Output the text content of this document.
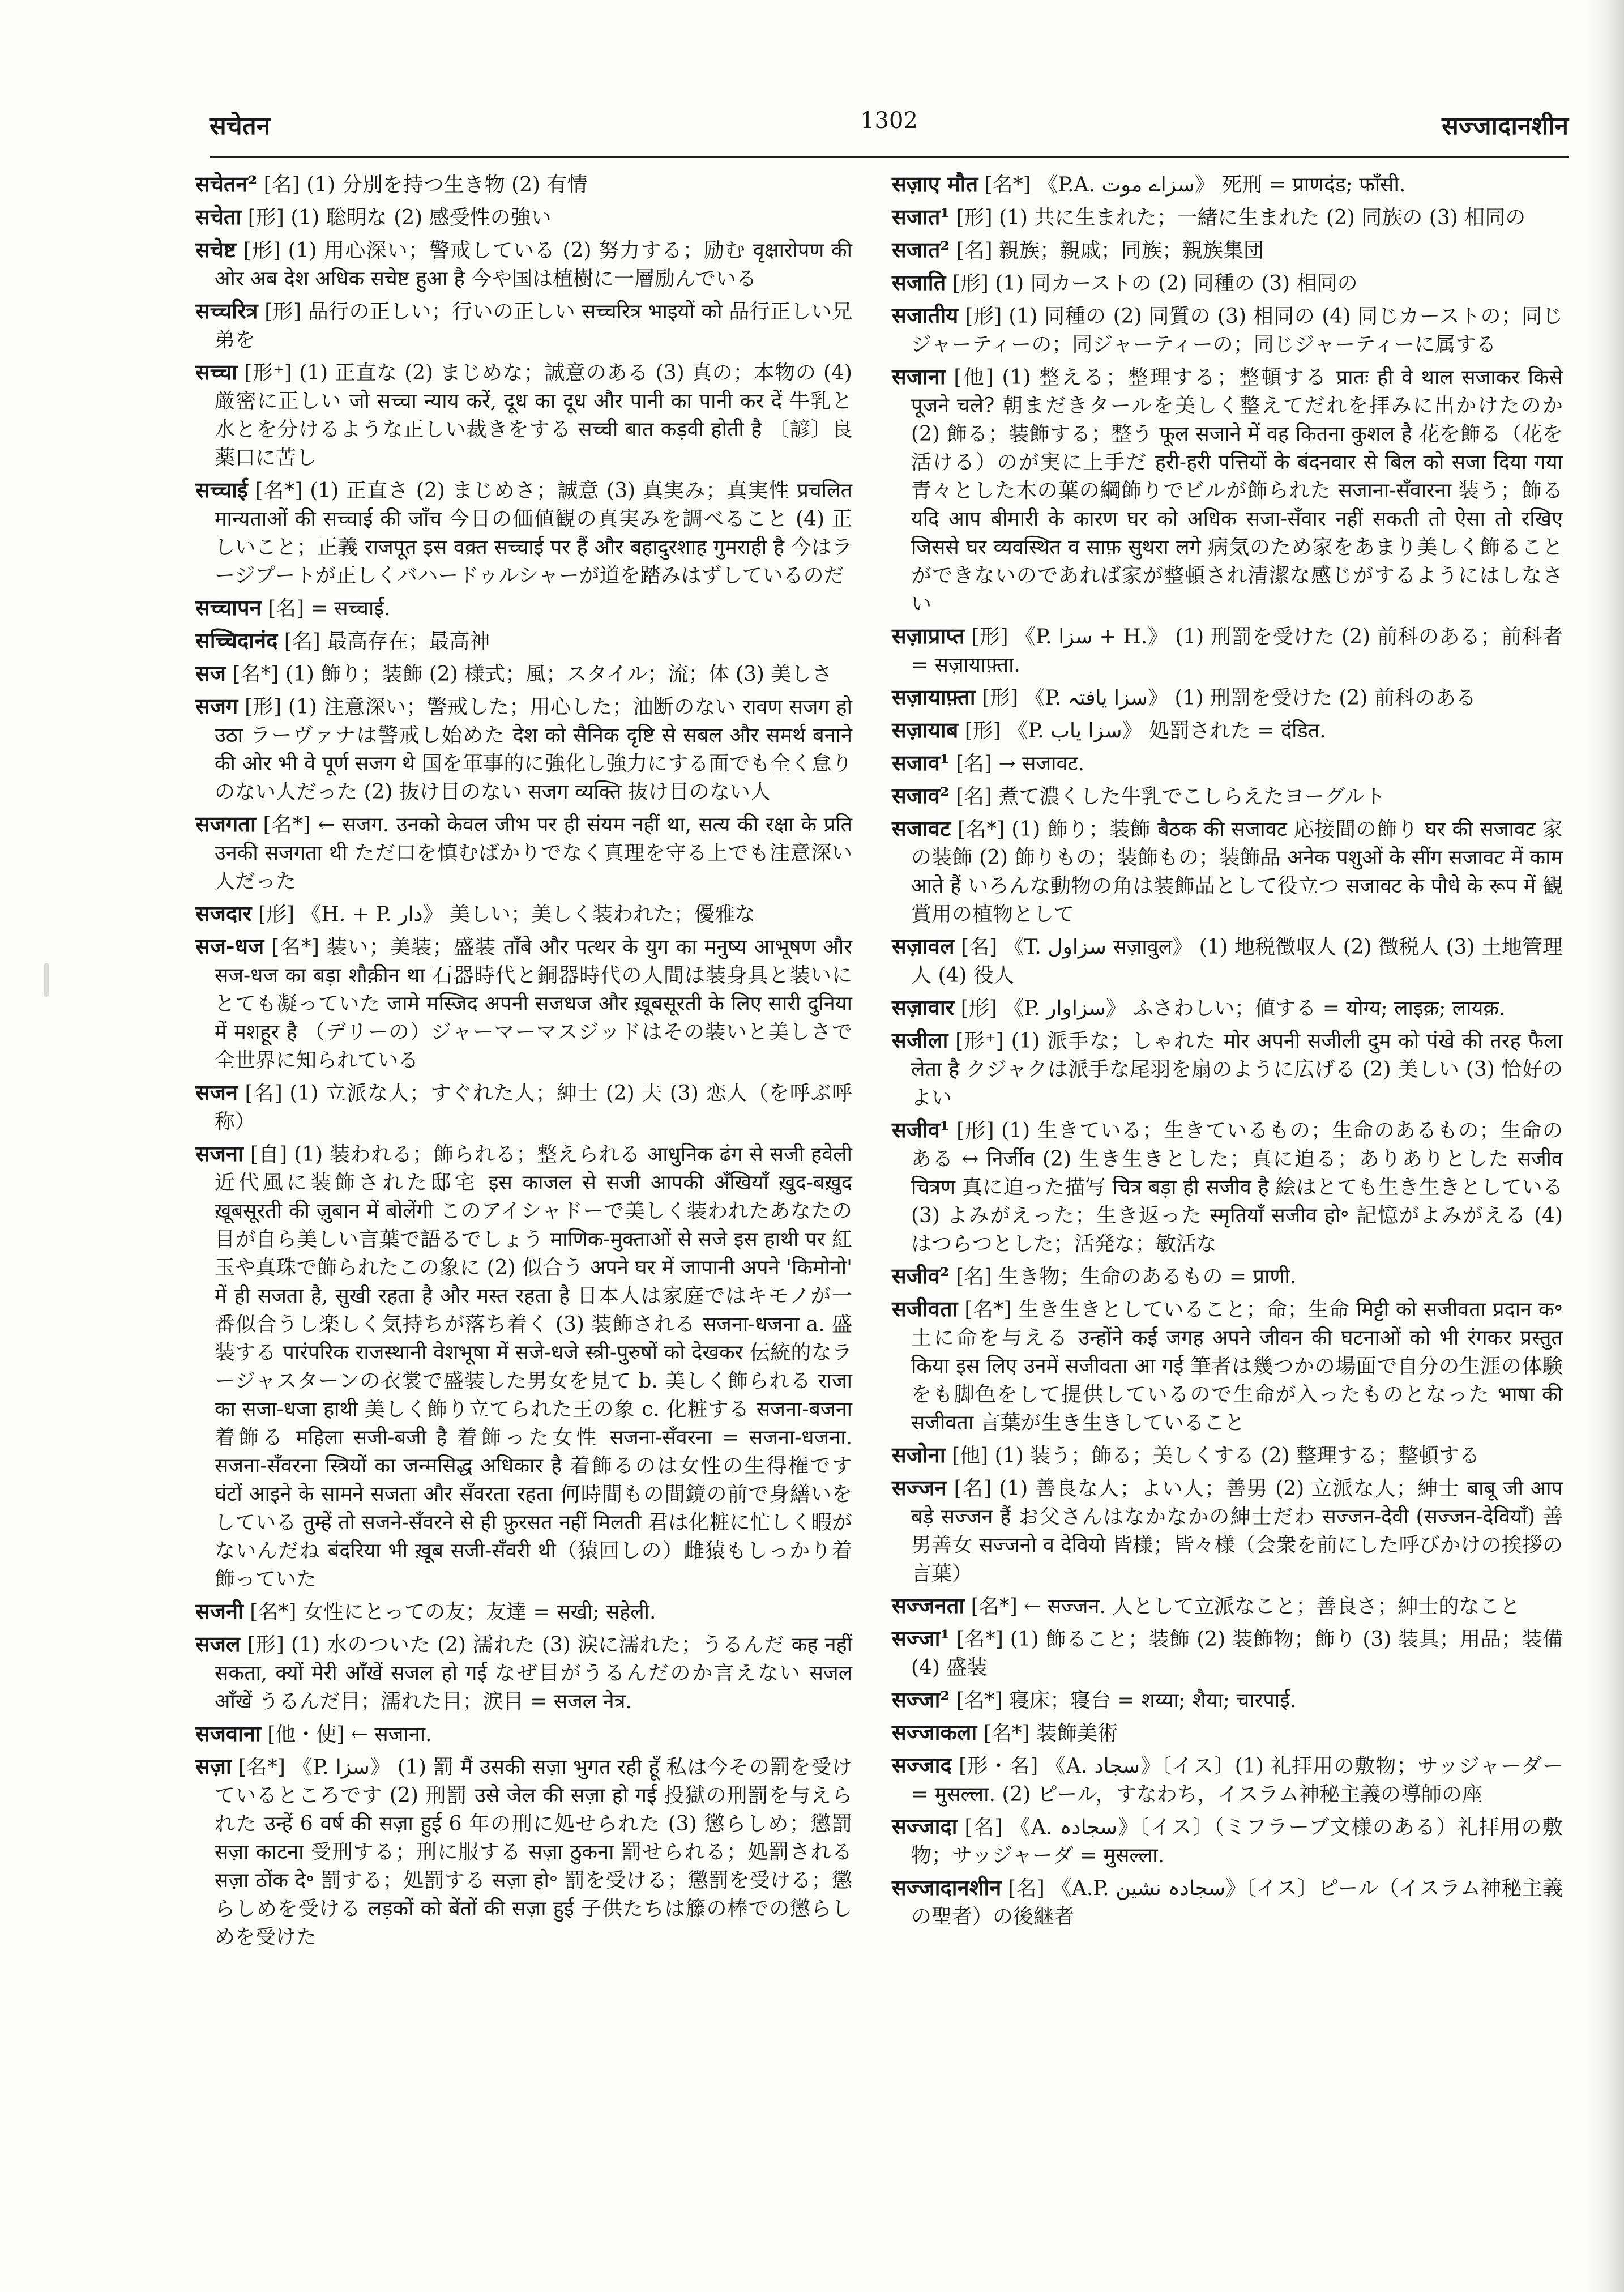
सचेतन	1302	सज्जादानशीन

सचेतन² [名] (1) 分別を持つ生き物 (2) 有情

सचेता [形] (1) 聡明な (2) 感受性の強い

सचेष्ट [形] (1) 用心深い；警戒している (2) 努力する；励む वृक्षारोपण की ओर अब देश अधिक सचेष्ट हुआ है 今や国は植樹に一層励んでいる

सच्चरित्र [形] 品行の正しい；行いの正しい सच्चरित्र भाइयों को 品行正しい兄弟を

सच्चा [形⁺] (1) 正直な (2) まじめな；誠意のある (3) 真の；本物の (4) 厳密に正しい जो सच्चा न्याय करें, दूध का दूध और पानी का पानी कर दें 牛乳と水とを分けるような正しい裁きをする सच्ची बात कड़वी होती है 〔諺〕良薬口に苦し

सच्चाई [名*] (1) 正直さ (2) まじめさ；誠意 (3) 真実み；真実性 प्रचलित मान्यताओं की सच्चाई की जाँच 今日の価値観の真実みを調べること (4) 正しいこと；正義 राजपूत इस वक़्त सच्चाई पर हैं और बहादुरशाह गुमराही है 今はラージプートが正しくバハードゥルシャーが道を踏みはずしているのだ

सच्चापन [名] = सच्चाई.

सच्चिदानंद [名] 最高存在；最高神

सज [名*] (1) 飾り；装飾 (2) 様式；風；スタイル；流；体 (3) 美しさ

सजग [形] (1) 注意深い；警戒した；用心した；油断のない रावण सजग हो उठा ラーヴァナは警戒し始めた देश को सैनिक दृष्टि से सबल और समर्थ बनाने की ओर भी वे पूर्ण सजग थे 国を軍事的に強化し強力にする面でも全く怠りのない人だった (2) 抜け目のない सजग व्यक्ति 抜け目のない人

सजगता [名*] ← सजग. उनको केवल जीभ पर ही संयम नहीं था, सत्य की रक्षा के प्रति उनकी सजगता थी ただ口を慎むばかりでなく真理を守る上でも注意深い人だった

सजदार [形] 《H. + P. دار》 美しい；美しく装われた；優雅な

सज-धज [名*] 装い；美装；盛装 ताँबे और पत्थर के युग का मनुष्य आभूषण और सज-धज का बड़ा शौक़ीन था 石器時代と銅器時代の人間は装身具と装いにとても凝っていた जामे मस्जिद अपनी सजधज और ख़ूबसूरती के लिए सारी दुनिया में मशहूर है （デリーの）ジャーマーマスジッドはその装いと美しさで全世界に知られている

सजन [名] (1) 立派な人；すぐれた人；紳士 (2) 夫 (3) 恋人（を呼ぶ呼称）

सजना [自] (1) 装われる；飾られる；整えられる आधुनिक ढंग से सजी हवेली 近代風に装飾された邸宅 इस काजल से सजी आपकी अँखियाँ ख़ुद-बख़ुद ख़ूबसूरती की ज़ुबान में बोलेंगी このアイシャドーで美しく装われたあなたの目が自ら美しい言葉で語るでしょう माणिक-मुक्ताओं से सजे इस हाथी पर 紅玉や真珠で飾られたこの象に (2) 似合う अपने घर में जापानी अपने 'किमोनो' में ही सजता है, सुखी रहता है और मस्त रहता है 日本人は家庭ではキモノが一番似合うし楽しく気持ちが落ち着く (3) 装飾される सजना-धजना a. 盛装する पारंपरिक राजस्थानी वेशभूषा में सजे-धजे स्त्री-पुरुषों को देखकर 伝統的なラージャスターンの衣裳で盛装した男女を見て b. 美しく飾られる राजा का सजा-धजा हाथी 美しく飾り立てられた王の象 c. 化粧する सजना-बजना 着飾る महिला सजी-बजी है 着飾った女性 सजना-सँवरना = सजना-धजना. सजना-सँवरना स्त्रियों का जन्मसिद्ध अधिकार है 着飾るのは女性の生得権です घंटों आइने के सामने सजता और सँवरता रहता 何時間もの間鏡の前で身繕いをしている तुम्हें तो सजने-सँवरने से ही फ़ुरसत नहीं मिलती 君は化粧に忙しく暇がないんだね बंदरिया भी ख़ूब सजी-सँवरी थी（猿回しの）雌猿もしっかり着飾っていた

सजनी [名*] 女性にとっての友；友達 = सखी; सहेली.

सजल [形] (1) 水のついた (2) 濡れた (3) 涙に濡れた；うるんだ कह नहीं सकता, क्यों मेरी आँखें सजल हो गई なぜ目がうるんだのか言えない सजल आँखें うるんだ目；濡れた目；涙目 = सजल नेत्र.

सजवाना [他・使] ← सजाना.

सज़ा [名*] 《P. سزا》 (1) 罰 मैं उसकी सज़ा भुगत रही हूँ 私は今その罰を受けているところです (2) 刑罰 उसे जेल की सज़ा हो गई 投獄の刑罰を与えられた उन्हें 6 वर्ष की सज़ा हुई 6 年の刑に処せられた (3) 懲らしめ；懲罰 सज़ा काटना 受刑する；刑に服する सज़ा ठुकना 罰せられる；処罰される सज़ा ठोंक दे॰ 罰する；処罰する सज़ा हो॰ 罰を受ける；懲罰を受ける；懲らしめを受ける लड़कों को बेंतों की सज़ा हुई 子供たちは籐の棒での懲らしめを受けた

सज़ाए मौत [名*] 《P.A. سزاے موت》 死刑 = प्राणदंड; फाँसी.

सजात¹ [形] (1) 共に生まれた；一緒に生まれた (2) 同族の (3) 相同の

सजात² [名] 親族；親戚；同族；親族集団

सजाति [形] (1) 同カーストの (2) 同種の (3) 相同の

सजातीय [形] (1) 同種の (2) 同質の (3) 相同の (4) 同じカーストの；同じジャーティーの；同ジャーティーの；同じジャーティーに属する

सजाना [他] (1) 整える；整理する；整頓する प्रातः ही वे थाल सजाकर किसे पूजने चले? 朝まだきタールを美しく整えてだれを拝みに出かけたのか (2) 飾る；装飾する；整う फूल सजाने में वह कितना कुशल है 花を飾る（花を活ける）のが実に上手だ हरी-हरी पत्तियों के बंदनवार से बिल को सजा दिया गया 青々とした木の葉の綱飾りでビルが飾られた सजाना-सँवारना 装う；飾る यदि आप बीमारी के कारण घर को अधिक सजा-सँवार नहीं सकती तो ऐसा तो रखिए जिससे घर व्यवस्थित व साफ़ सुथरा लगे 病気のため家をあまり美しく飾ることができないのであれば家が整頓され清潔な感じがするようにはしなさい

सज़ाप्राप्त [形] 《P. سزا + H.》 (1) 刑罰を受けた (2) 前科のある；前科者 = सज़ायाफ़्ता.

सज़ायाफ़्ता [形] 《P. سزا یافتہ》 (1) 刑罰を受けた (2) 前科のある

सज़ायाब [形] 《P. سزا یاب》 処罰された = दंडित.

सजाव¹ [名] → सजावट.

सजाव² [名] 煮て濃くした牛乳でこしらえたヨーグルト

सजावट [名*] (1) 飾り；装飾 बैठक की सजावट 応接間の飾り घर की सजावट 家の装飾 (2) 飾りもの；装飾もの；装飾品 अनेक पशुओं के सींग सजावट में काम आते हैं いろんな動物の角は装飾品として役立つ सजावट के पौधे के रूप में 観賞用の植物として

सज़ावल [名] 《T. سزاول सज़ावुल》 (1) 地税徴収人 (2) 徴税人 (3) 土地管理人 (4) 役人

सज़ावार [形] 《P. سزاوار》 ふさわしい；値する = योग्य; लाइक़; लायक़.

सजीला [形⁺] (1) 派手な；しゃれた मोर अपनी सजीली दुम को पंखे की तरह फैला लेता है クジャクは派手な尾羽を扇のように広げる (2) 美しい (3) 恰好のよい

सजीव¹ [形] (1) 生きている；生きているもの；生命のあるもの；生命のある ↔ निर्जीव (2) 生き生きとした；真に迫る；ありありとした सजीव चित्रण 真に迫った描写 चित्र बड़ा ही सजीव है 絵はとても生き生きとしている (3) よみがえった；生き返った स्मृतियाँ सजीव हो॰ 記憶がよみがえる (4) はつらつとした；活発な；敏活な

सजीव² [名] 生き物；生命のあるもの = प्राणी.

सजीवता [名*] 生き生きとしていること；命；生命 मिट्टी को सजीवता प्रदान क॰ 土に命を与える उन्होंने कई जगह अपने जीवन की घटनाओं को भी रंगकर प्रस्तुत किया इस लिए उनमें सजीवता आ गई 筆者は幾つかの場面で自分の生涯の体験をも脚色をして提供しているので生命が入ったものとなった भाषा की सजीवता 言葉が生き生きしていること

सजोना [他] (1) 装う；飾る；美しくする (2) 整理する；整頓する

सज्जन [名] (1) 善良な人；よい人；善男 (2) 立派な人；紳士 बाबू जी आप बड़े सज्जन हैं お父さんはなかなかの紳士だわ सज्जन-देवी (सज्जन-देवियाँ) 善男善女 सज्जनो व देवियो 皆様；皆々様（会衆を前にした呼びかけの挨拶の言葉）

सज्जनता [名*] ← सज्जन. 人として立派なこと；善良さ；紳士的なこと

सज्जा¹ [名*] (1) 飾ること；装飾 (2) 装飾物；飾り (3) 装具；用品；装備 (4) 盛装

सज्जा² [名*] 寝床；寝台 = शय्या; शैया; चारपाई.

सज्जाकला [名*] 装飾美術

सज्जाद [形・名] 《A. سجاد》〔イス〕(1) 礼拝用の敷物；サッジャーダー = मुसल्ला. (2) ピール，すなわち，イスラム神秘主義の導師の座

सज्जादा [名] 《A. سجادہ》〔イス〕（ミフラーブ文様のある）礼拝用の敷物；サッジャーダ = मुसल्ला.

सज्जादानशीन [名] 《A.P. سجادہ نشین》〔イス〕ピール（イスラム神秘主義の聖者）の後継者
